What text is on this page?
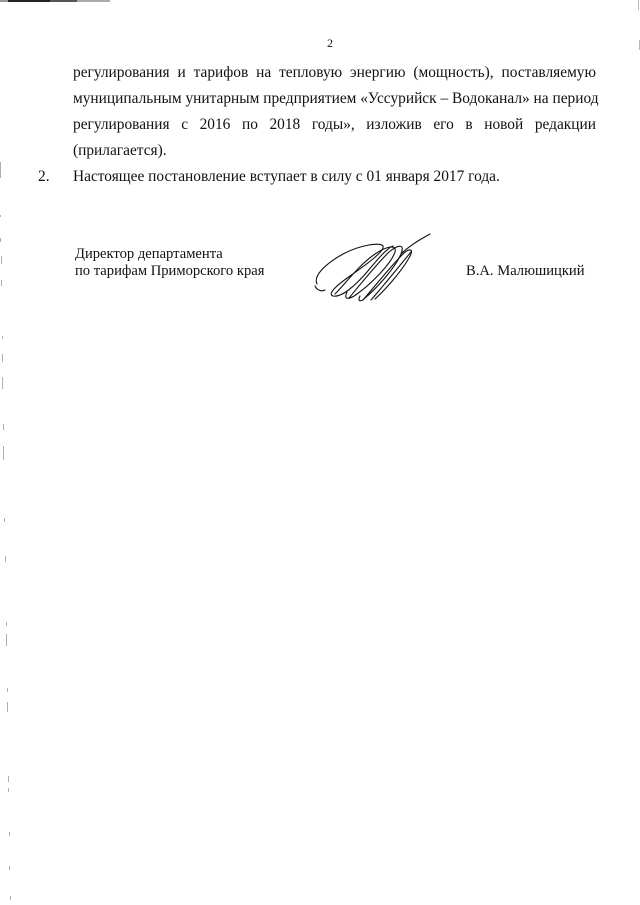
2
регулирования и тарифов на тепловую энергию (мощность), поставляемую
муниципальным унитарным предприятием «Уссурийск – Водоканал» на период
регулирования с 2016 по 2018 годы», изложив его в новой редакции
(прилагается).
2.	Настоящее постановление вступает в силу с 01 января 2017 года.
Директор департамента
по тарифам Приморского края	В.А. Малюшицкий
